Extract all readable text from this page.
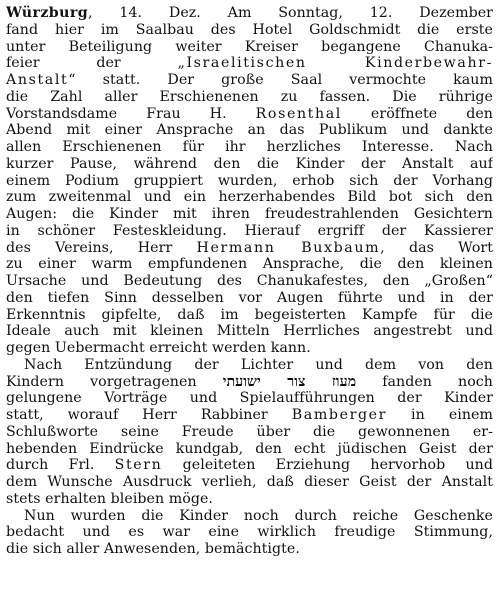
Würzburg, 14. Dez. Am Sonntag, 12. Dezember
fand hier im Saalbau des Hotel Goldschmidt die erste
unter Beteiligung weiter Kreiser begangene Chanuka-
feier der „Israelitischen Kinderbewahr-
Anstalt“ statt. Der große Saal vermochte kaum
die Zahl aller Erschienenen zu fassen. Die rührige
Vorstandsdame Frau H. Rosenthal eröffnete den
Abend mit einer Ansprache an das Publikum und dankte
allen Erschienenen für ihr herzliches Interesse. Nach
kurzer Pause, während den die Kinder der Anstalt auf
einem Podium gruppiert wurden, erhob sich der Vorhang
zum zweitenmal und ein herzerhabendes Bild bot sich den
Augen: die Kinder mit ihren freudestrahlenden Gesichtern
in schöner Festeskleidung. Hierauf ergriff der Kassierer
des Vereins, Herr Hermann Buxbaum, das Wort
zu einer warm empfundenen Ansprache, die den kleinen
Ursache und Bedeutung des Chanukafestes, den „Großen“
den tiefen Sinn desselben vor Augen führte und in der
Erkenntnis gipfelte, daß im begeisterten Kampfe für die
Ideale auch mit kleinen Mitteln Herrliches angestrebt und
gegen Uebermacht erreicht werden kann.
Nach Entzündung der Lichter und dem von den
Kindern vorgetragenen מעוז צור ישועתי fanden noch
gelungene Vorträge und Spielaufführungen der Kinder
statt, worauf Herr Rabbiner Bamberger in einem
Schlußworte seine Freude über die gewonnenen er-
hebenden Eindrücke kundgab, den echt jüdischen Geist der
durch Frl. Stern geleiteten Erziehung hervorhob und
dem Wunsche Ausdruck verlieh, daß dieser Geist der Anstalt
stets erhalten bleiben möge.
Nun wurden die Kinder noch durch reiche Geschenke
bedacht und es war eine wirklich freudige Stimmung,
die sich aller Anwesenden, bemächtigte.
